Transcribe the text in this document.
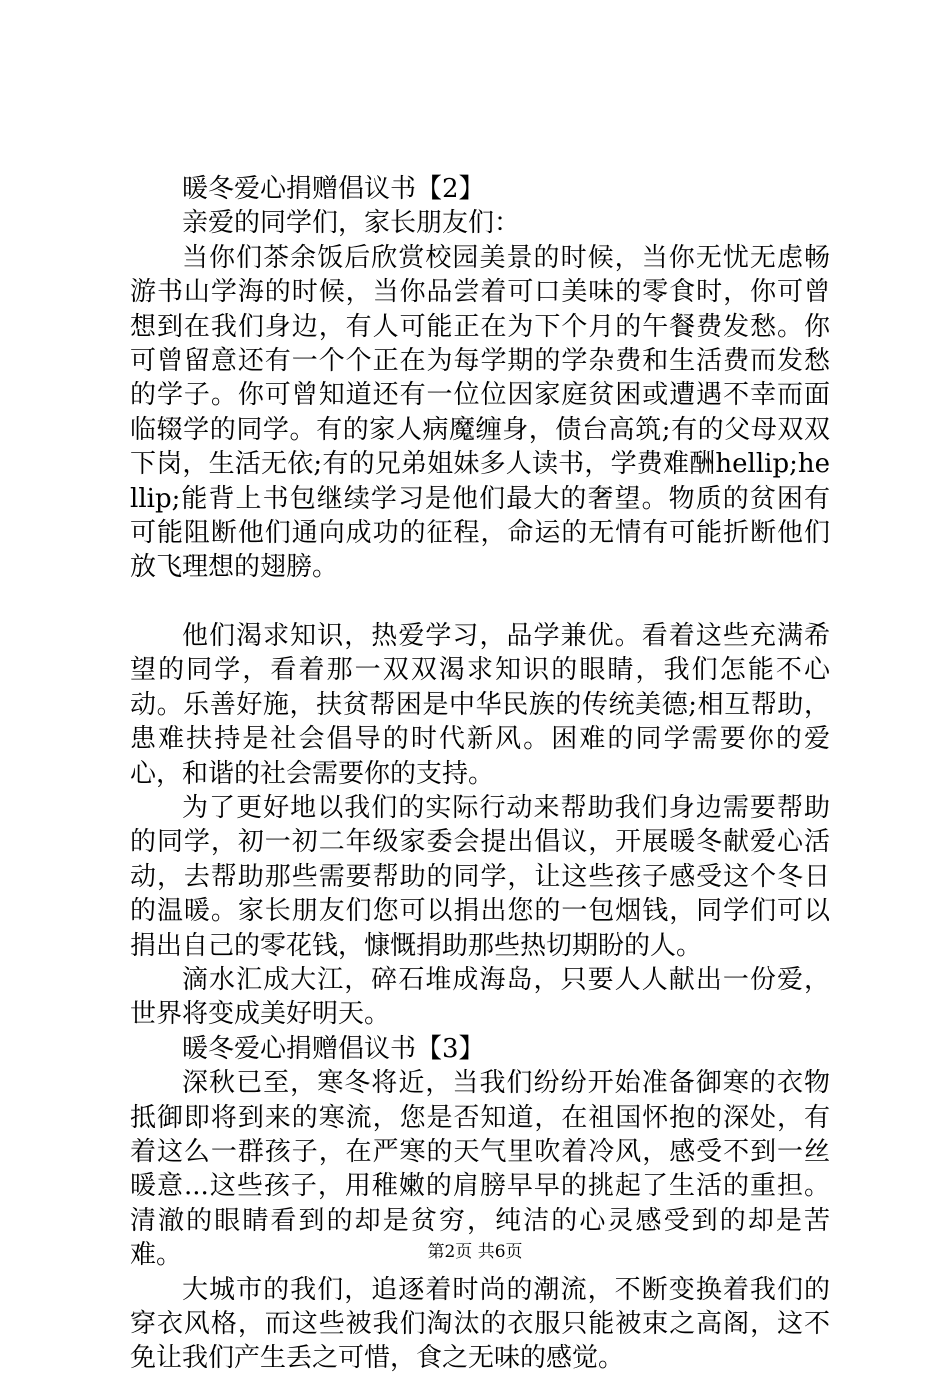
暖冬爱心捐赠倡议书【2】

亲爱的同学们，家长朋友们：

当你们茶余饭后欣赏校园美景的时候，当你无忧无虑畅游书山学海的时候，当你品尝着可口美味的零食时，你可曾想到在我们身边，有人可能正在为下个月的午餐费发愁。你可曾留意还有一个个正在为每学期的学杂费和生活费而发愁的学子。你可曾知道还有一位位因家庭贫困或遭遇不幸而面临辍学的同学。有的家人病魔缠身，债台高筑;有的父母双双下岗，生活无依;有的兄弟姐妹多人读书，学费难酬hellip;hellip;能背上书包继续学习是他们最大的奢望。物质的贫困有可能阻断他们通向成功的征程，命运的无情有可能折断他们放飞理想的翅膀。

他们渴求知识，热爱学习，品学兼优。看着这些充满希望的同学，看着那一双双渴求知识的眼睛，我们怎能不心动。乐善好施，扶贫帮困是中华民族的传统美德;相互帮助，患难扶持是社会倡导的时代新风。困难的同学需要你的爱心，和谐的社会需要你的支持。

为了更好地以我们的实际行动来帮助我们身边需要帮助的同学，初一初二年级家委会提出倡议，开展暖冬献爱心活动，去帮助那些需要帮助的同学，让这些孩子感受这个冬日的温暖。家长朋友们您可以捐出您的一包烟钱，同学们可以捐出自己的零花钱，慷慨捐助那些热切期盼的人。

滴水汇成大江，碎石堆成海岛，只要人人献出一份爱，世界将变成美好明天。

暖冬爱心捐赠倡议书【3】

深秋已至，寒冬将近，当我们纷纷开始准备御寒的衣物抵御即将到来的寒流，您是否知道，在祖国怀抱的深处，有着这么一群孩子，在严寒的天气里吹着冷风，感受不到一丝暖意...这些孩子，用稚嫩的肩膀早早的挑起了生活的重担。清澈的眼睛看到的却是贫穷，纯洁的心灵感受到的却是苦难。

大城市的我们，追逐着时尚的潮流，不断变换着我们的穿衣风格，而这些被我们淘汰的衣服只能被束之高阁，这不免让我们产生丢之可惜，食之无味的感觉。

第2页 共6页
